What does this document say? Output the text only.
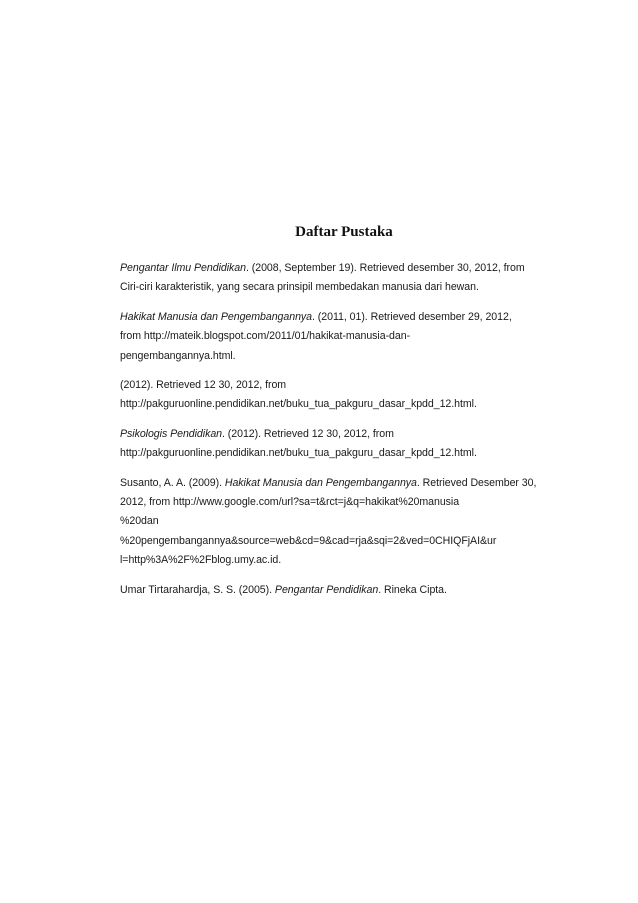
Daftar Pustaka
Pengantar Ilmu Pendidikan. (2008, September 19). Retrieved desember 30, 2012, from
Ciri-ciri karakteristik, yang secara prinsipil membedakan manusia dari hewan.
Hakikat Manusia dan Pengembangannya. (2011, 01). Retrieved desember 29, 2012,
from http://mateik.blogspot.com/2011/01/hakikat-manusia-dan-
pengembangannya.html.
(2012). Retrieved 12 30, 2012, from
http://pakguruonline.pendidikan.net/buku_tua_pakguru_dasar_kpdd_12.html.
Psikologis Pendidikan. (2012). Retrieved 12 30, 2012, from
http://pakguruonline.pendidikan.net/buku_tua_pakguru_dasar_kpdd_12.html.
Susanto, A. A. (2009). Hakikat Manusia dan Pengembangannya. Retrieved Desember 30,
2012, from http://www.google.com/url?sa=t&rct=j&q=hakikat%20manusia
%20dan
%20pengembangannya&source=web&cd=9&cad=rja&sqi=2&ved=0CHIQFjAI&ur
l=http%3A%2F%2Fblog.umy.ac.id.
Umar Tirtarahardja, S. S. (2005). Pengantar Pendidikan. Rineka Cipta.
